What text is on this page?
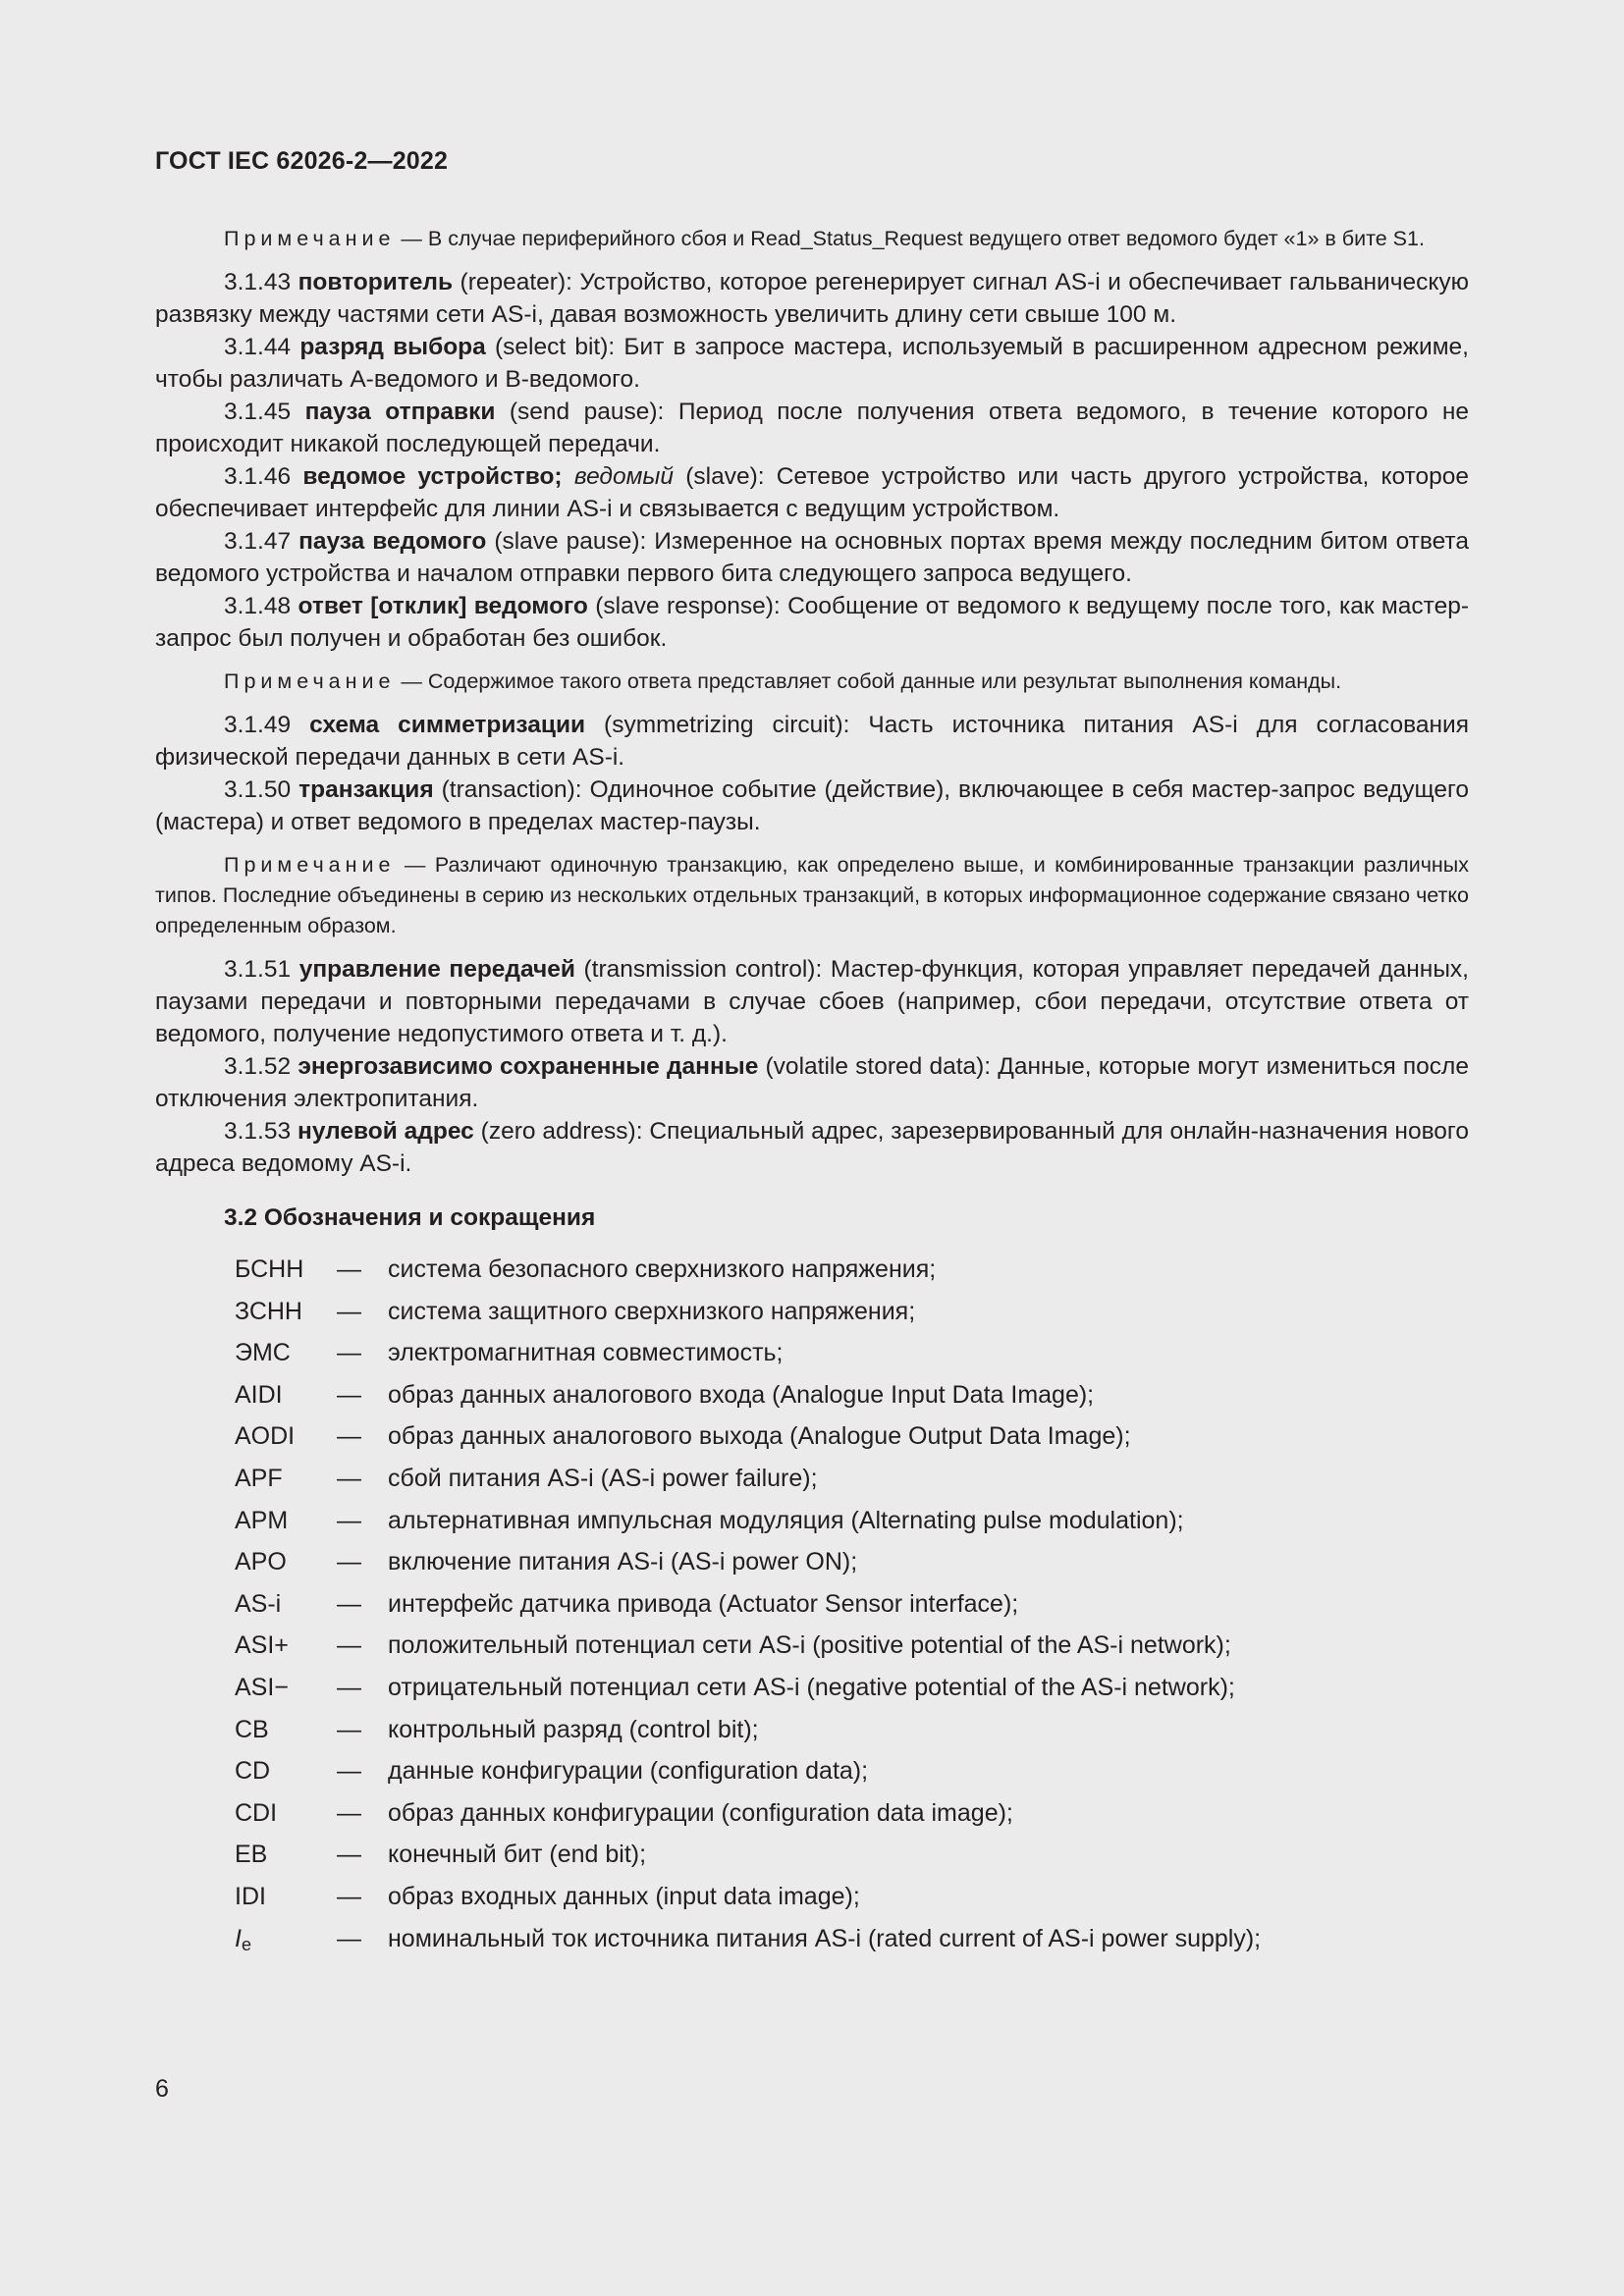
ГОСТ IEC 62026-2—2022

Примечание — В случае периферийного сбоя и Read_Status_Request ведущего ответ ведомого будет «1» в бите S1.

3.1.43 повторитель (repeater): Устройство, которое регенерирует сигнал AS-i и обеспечивает гальваническую развязку между частями сети AS-i, давая возможность увеличить длину сети свыше 100 м.

3.1.44 разряд выбора (select bit): Бит в запросе мастера, используемый в расширенном адресном режиме, чтобы различать А-ведомого и В-ведомого.

3.1.45 пауза отправки (send pause): Период после получения ответа ведомого, в течение которого не происходит никакой последующей передачи.

3.1.46 ведомое устройство; ведомый (slave): Сетевое устройство или часть другого устройства, которое обеспечивает интерфейс для линии AS-i и связывается с ведущим устройством.

3.1.47 пауза ведомого (slave pause): Измеренное на основных портах время между последним битом ответа ведомого устройства и началом отправки первого бита следующего запроса ведущего.

3.1.48 ответ [отклик] ведомого (slave response): Сообщение от ведомого к ведущему после того, как мастер-запрос был получен и обработан без ошибок.

Примечание — Содержимое такого ответа представляет собой данные или результат выполнения команды.

3.1.49 схема симметризации (symmetrizing circuit): Часть источника питания AS-i для согласования физической передачи данных в сети AS-i.

3.1.50 транзакция (transaction): Одиночное событие (действие), включающее в себя мастер-запрос ведущего (мастера) и ответ ведомого в пределах мастер-паузы.

Примечание — Различают одиночную транзакцию, как определено выше, и комбинированные транзакции различных типов. Последние объединены в серию из нескольких отдельных транзакций, в которых информационное содержание связано четко определенным образом.

3.1.51 управление передачей (transmission control): Мастер-функция, которая управляет передачей данных, паузами передачи и повторными передачами в случае сбоев (например, сбои передачи, отсутствие ответа от ведомого, получение недопустимого ответа и т. д.).

3.1.52 энергозависимо сохраненные данные (volatile stored data): Данные, которые могут измениться после отключения электропитания.

3.1.53 нулевой адрес (zero address): Специальный адрес, зарезервированный для онлайн-назначения нового адреса ведомому AS-i.

3.2 Обозначения и сокращения
БСНН	—	система безопасного сверхнизкого напряжения;
ЗСНН	—	система защитного сверхнизкого напряжения;
ЭМС	—	электромагнитная совместимость;
AIDI	—	образ данных аналогового входа (Analogue Input Data Image);
AODI	—	образ данных аналогового выхода (Analogue Output Data Image);
APF	—	сбой питания AS-i (AS-i power failure);
APM	—	альтернативная импульсная модуляция (Alternating pulse modulation);
APO	—	включение питания AS-i (AS-i power ON);
AS-i	—	интерфейс датчика привода (Actuator Sensor interface);
ASI+	—	положительный потенциал сети AS-i (positive potential of the AS-i network);
ASI−	—	отрицательный потенциал сети AS-i (negative potential of the AS-i network);
CB	—	контрольный разряд (control bit);
CD	—	данные конфигурации (configuration data);
CDI	—	образ данных конфигурации (configuration data image);
EB	—	конечный бит (end bit);
IDI	—	образ входных данных (input data image);
$I_e$	—	номинальный ток источника питания AS-i (rated current of AS-i power supply);
6
